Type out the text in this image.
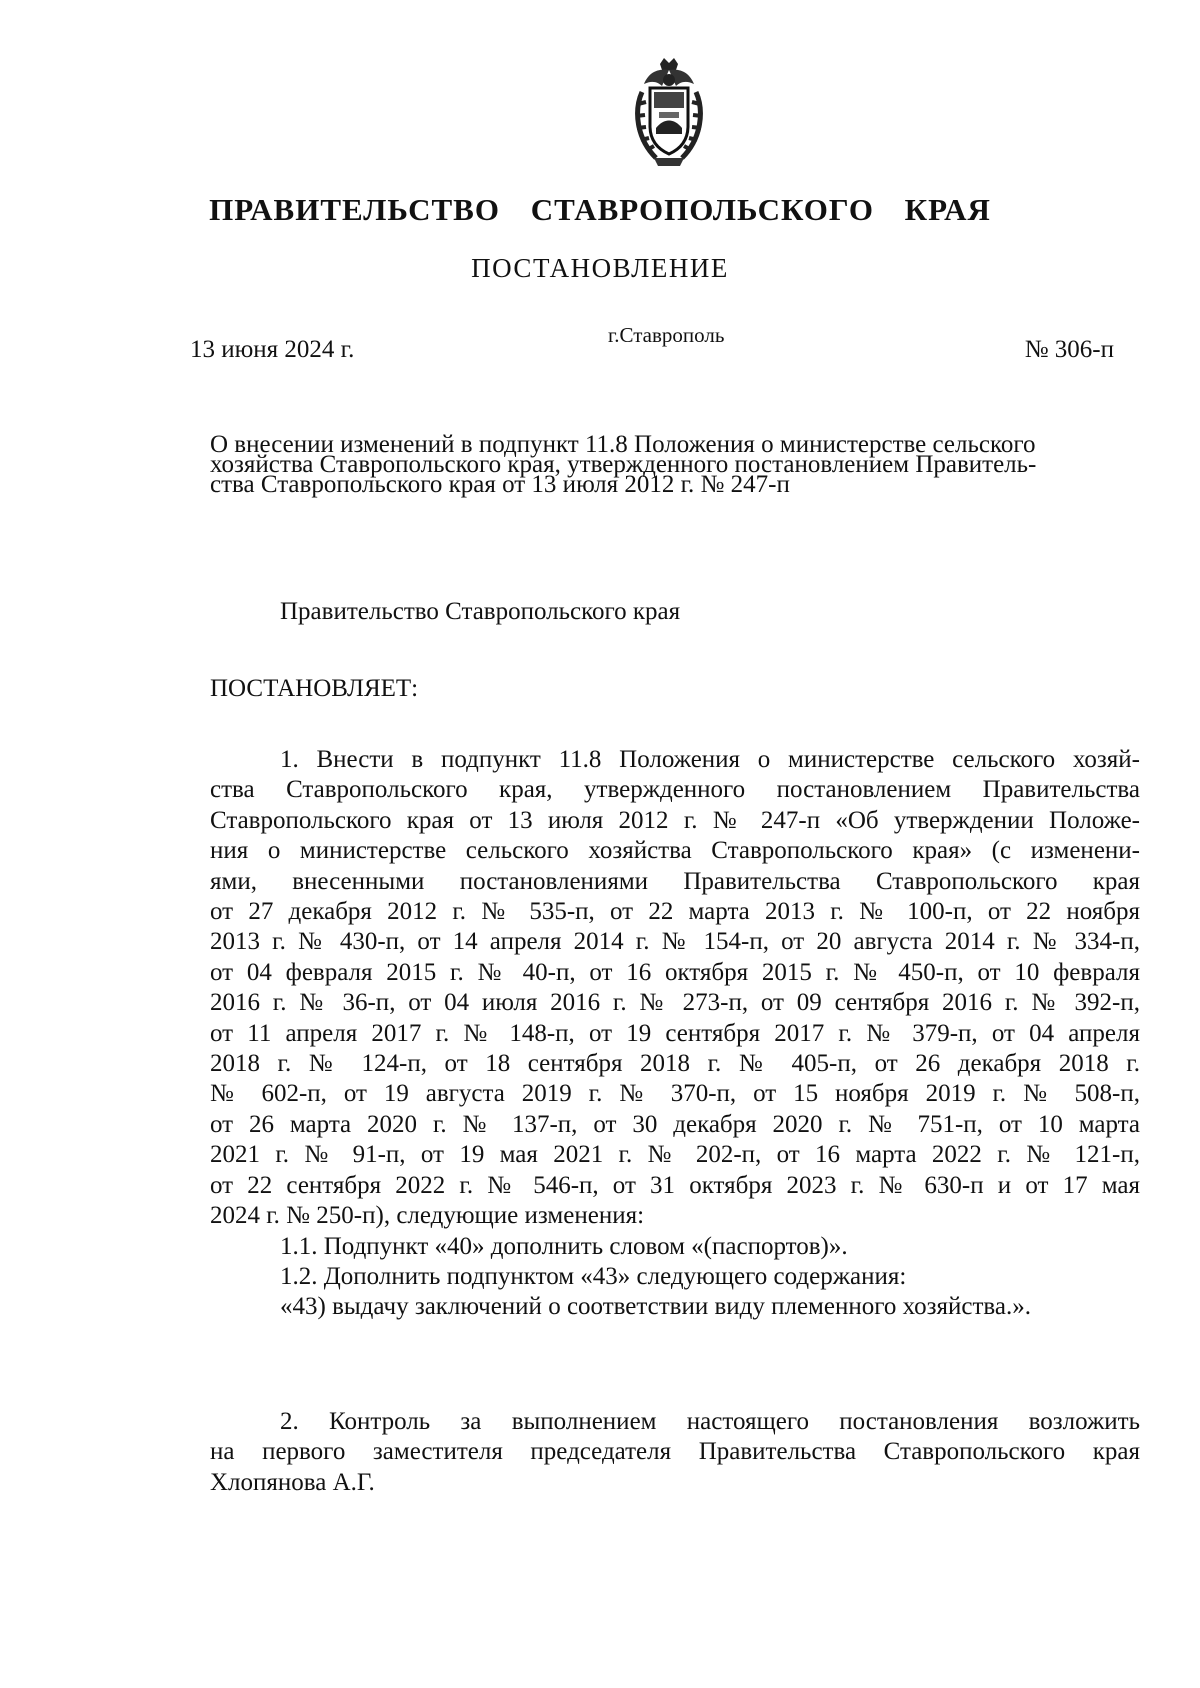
ПРАВИТЕЛЬСТВО СТАВРОПОЛЬСКОГО КРАЯ
ПОСТАНОВЛЕНИЕ
13 июня 2024 г.
г.Ставрополь
№ 306-п
О внесении изменений в подпункт 11.8 Положения о министерстве сельского
хозяйства Ставропольского края, утвержденного постановлением Правитель-
ства Ставропольского края от 13 июля 2012 г. № 247-п
Правительство Ставропольского края
ПОСТАНОВЛЯЕТ:
1. Внести в подпункт 11.8 Положения о министерстве сельского хозяй-
ства Ставропольского края, утвержденного постановлением Правительства
Ставропольского края от 13 июля 2012 г. № 247-п «Об утверждении Положе-
ния о министерстве сельского хозяйства Ставропольского края» (с изменени-
ями, внесенными постановлениями Правительства Ставропольского края
от 27 декабря 2012 г. № 535-п, от 22 марта 2013 г. № 100-п, от 22 ноября
2013 г. № 430-п, от 14 апреля 2014 г. № 154-п, от 20 августа 2014 г. № 334-п,
от 04 февраля 2015 г. № 40-п, от 16 октября 2015 г. № 450-п, от 10 февраля
2016 г. № 36-п, от 04 июля 2016 г. № 273-п, от 09 сентября 2016 г. № 392-п,
от 11 апреля 2017 г. № 148-п, от 19 сентября 2017 г. № 379-п, от 04 апреля
2018 г. № 124-п, от 18 сентября 2018 г. № 405-п, от 26 декабря 2018 г.
№ 602-п, от 19 августа 2019 г. № 370-п, от 15 ноября 2019 г. № 508-п,
от 26 марта 2020 г. № 137-п, от 30 декабря 2020 г. № 751-п, от 10 марта
2021 г. № 91-п, от 19 мая 2021 г. № 202-п, от 16 марта 2022 г. № 121-п,
от 22 сентября 2022 г. № 546-п, от 31 октября 2023 г. № 630-п и от 17 мая
2024 г. № 250-п), следующие изменения:
1.1. Подпункт «40» дополнить словом «(паспортов)».
1.2. Дополнить подпунктом «43» следующего содержания:
«43) выдачу заключений о соответствии виду племенного хозяйства.».
2. Контроль за выполнением настоящего постановления возложить
на первого заместителя председателя Правительства Ставропольского края
Хлопянова А.Г.
